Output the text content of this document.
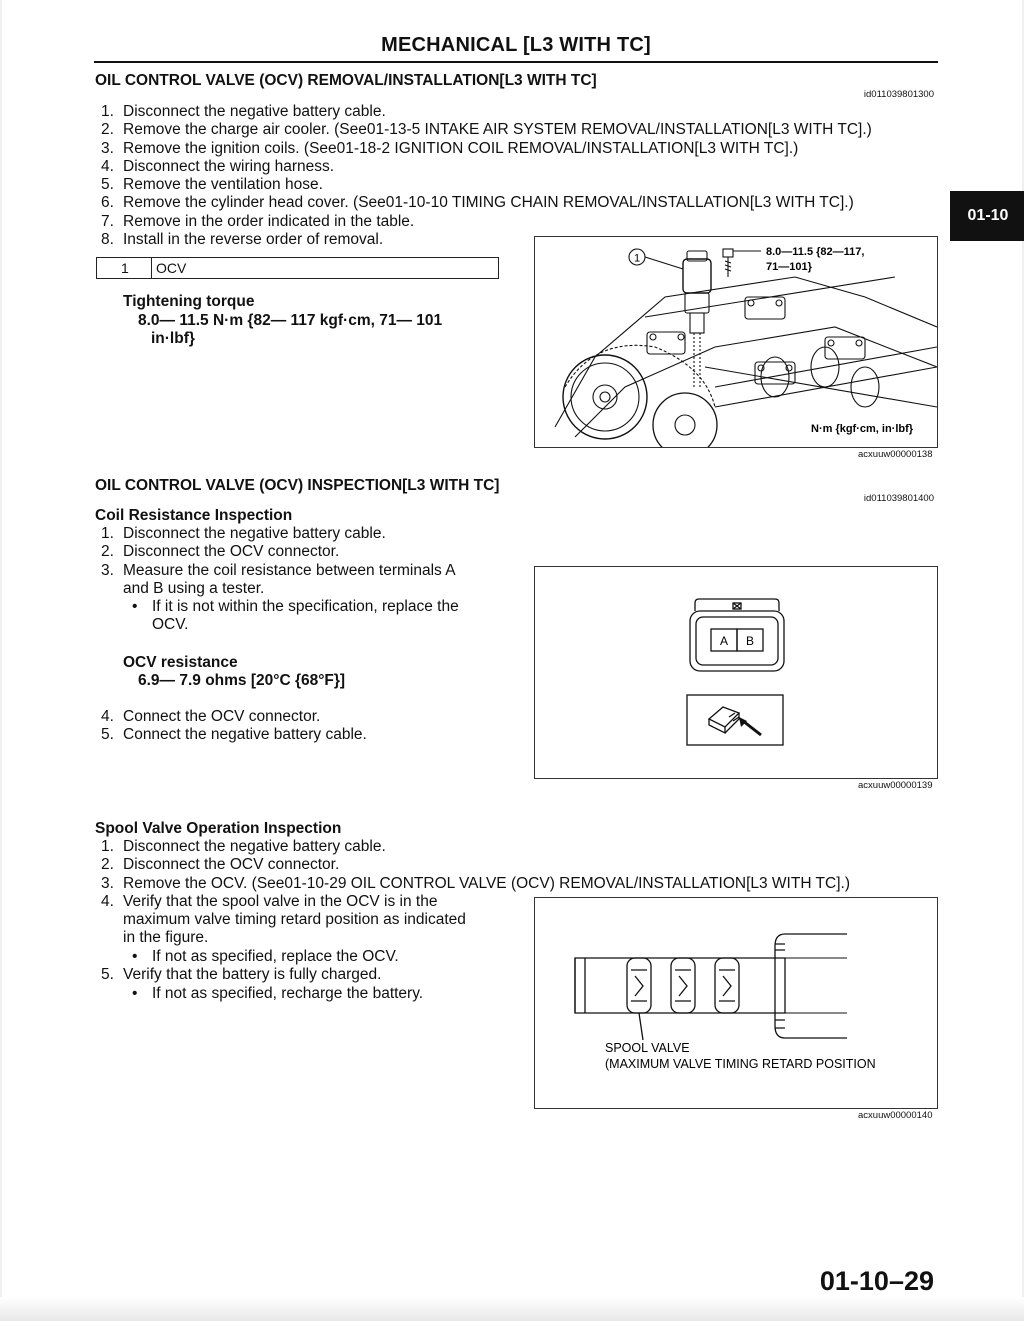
MECHANICAL [L3 WITH TC]
01-10
OIL CONTROL VALVE (OCV) REMOVAL/INSTALLATION[L3 WITH TC]
id011039801300
1. Disconnect the negative battery cable.
2. Remove the charge air cooler. (See01-13-5 INTAKE AIR SYSTEM REMOVAL/INSTALLATION[L3 WITH TC].)
3. Remove the ignition coils. (See01-18-2 IGNITION COIL REMOVAL/INSTALLATION[L3 WITH TC].)
4. Disconnect the wiring harness.
5. Remove the ventilation hose.
6. Remove the cylinder head cover. (See01-10-10 TIMING CHAIN REMOVAL/INSTALLATION[L3 WITH TC].)
7. Remove in the order indicated in the table.
8. Install in the reverse order of removal.
1	OCV
Tightening torque
8.0— 11.5 N·m {82— 117 kgf·cm, 71— 101
in·lbf}
1
8.0—11.5 {82—117,
71—101}
N·m {kgf·cm, in·lbf}
acxuuw00000138
OIL CONTROL VALVE (OCV) INSPECTION[L3 WITH TC]
id011039801400
Coil Resistance Inspection
1. Disconnect the negative battery cable.
2. Disconnect the OCV connector.
3. Measure the coil resistance between terminals A
and B using a tester.
• If it is not within the specification, replace the
OCV.
OCV resistance
6.9— 7.9 ohms [20°C {68°F}]
4. Connect the OCV connector.
5. Connect the negative battery cable.
A B
acxuuw00000139
Spool Valve Operation Inspection
1. Disconnect the negative battery cable.
2. Disconnect the OCV connector.
3. Remove the OCV. (See01-10-29 OIL CONTROL VALVE (OCV) REMOVAL/INSTALLATION[L3 WITH TC].)
4. Verify that the spool valve in the OCV is in the
maximum valve timing retard position as indicated
in the figure.
• If not as specified, replace the OCV.
5. Verify that the battery is fully charged.
• If not as specified, recharge the battery.
SPOOL VALVE
(MAXIMUM VALVE TIMING RETARD POSITION
acxuuw00000140
01-10–29
